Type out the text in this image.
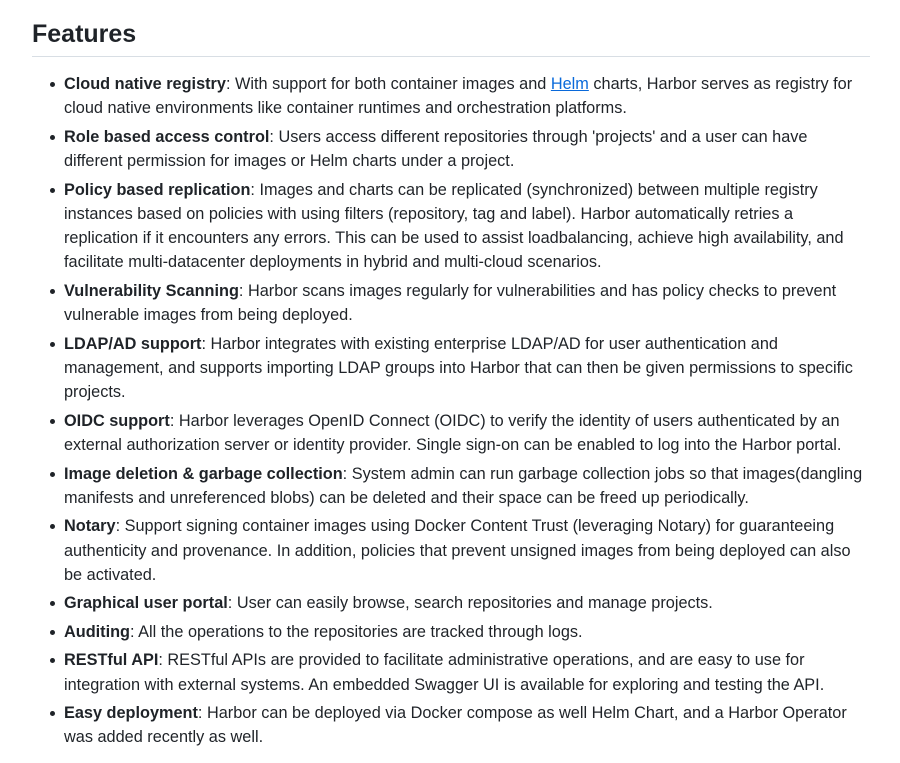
Features
Cloud native registry: With support for both container images and Helm charts, Harbor serves as registry for cloud native environments like container runtimes and orchestration platforms.
Role based access control: Users access different repositories through 'projects' and a user can have different permission for images or Helm charts under a project.
Policy based replication: Images and charts can be replicated (synchronized) between multiple registry instances based on policies with using filters (repository, tag and label). Harbor automatically retries a replication if it encounters any errors. This can be used to assist loadbalancing, achieve high availability, and facilitate multi-datacenter deployments in hybrid and multi-cloud scenarios.
Vulnerability Scanning: Harbor scans images regularly for vulnerabilities and has policy checks to prevent vulnerable images from being deployed.
LDAP/AD support: Harbor integrates with existing enterprise LDAP/AD for user authentication and management, and supports importing LDAP groups into Harbor that can then be given permissions to specific projects.
OIDC support: Harbor leverages OpenID Connect (OIDC) to verify the identity of users authenticated by an external authorization server or identity provider. Single sign-on can be enabled to log into the Harbor portal.
Image deletion & garbage collection: System admin can run garbage collection jobs so that images(dangling manifests and unreferenced blobs) can be deleted and their space can be freed up periodically.
Notary: Support signing container images using Docker Content Trust (leveraging Notary) for guaranteeing authenticity and provenance. In addition, policies that prevent unsigned images from being deployed can also be activated.
Graphical user portal: User can easily browse, search repositories and manage projects.
Auditing: All the operations to the repositories are tracked through logs.
RESTful API: RESTful APIs are provided to facilitate administrative operations, and are easy to use for integration with external systems. An embedded Swagger UI is available for exploring and testing the API.
Easy deployment: Harbor can be deployed via Docker compose as well Helm Chart, and a Harbor Operator was added recently as well.
